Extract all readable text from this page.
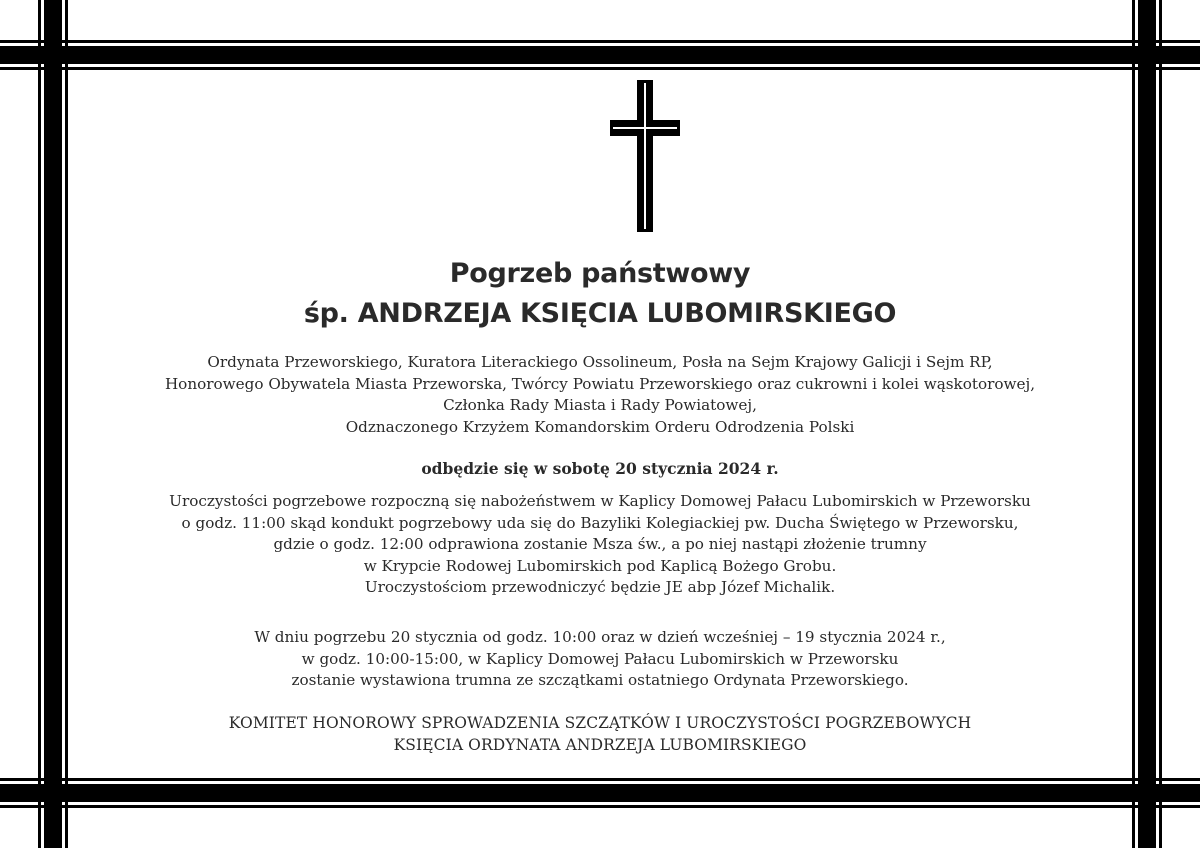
Pogrzeb państwowy
śp. ANDRZEJA KSIĘCIA LUBOMIRSKIEGO
Ordynata Przeworskiego, Kuratora Literackiego Ossolineum, Posła na Sejm Krajowy Galicji i Sejm RP,
Honorowego Obywatela Miasta Przeworska, Twórcy Powiatu Przeworskiego oraz cukrowni i kolei wąskotorowej,
Członka Rady Miasta i Rady Powiatowej,
Odznaczonego Krzyżem Komandorskim Orderu Odrodzenia Polski
odbędzie się w sobotę 20 stycznia 2024 r.
Uroczystości pogrzebowe rozpoczną się nabożeństwem w Kaplicy Domowej Pałacu Lubomirskich w Przeworsku
o godz. 11:00 skąd kondukt pogrzebowy uda się do Bazyliki Kolegiackiej pw. Ducha Świętego w Przeworsku,
gdzie o godz. 12:00 odprawiona zostanie Msza św., a po niej nastąpi złożenie trumny
w Krypcie Rodowej Lubomirskich pod Kaplicą Bożego Grobu.
Uroczystościom przewodniczyć będzie JE abp Józef Michalik.
W dniu pogrzebu 20 stycznia od godz. 10:00 oraz w dzień wcześniej – 19 stycznia 2024 r.,
w godz. 10:00-15:00, w Kaplicy Domowej Pałacu Lubomirskich w Przeworsku
zostanie wystawiona trumna ze szczątkami ostatniego Ordynata Przeworskiego.
KOMITET HONOROWY SPROWADZENIA SZCZĄTKÓW I UROCZYSTOŚCI POGRZEBOWYCH
KSIĘCIA ORDYNATA ANDRZEJA LUBOMIRSKIEGO
